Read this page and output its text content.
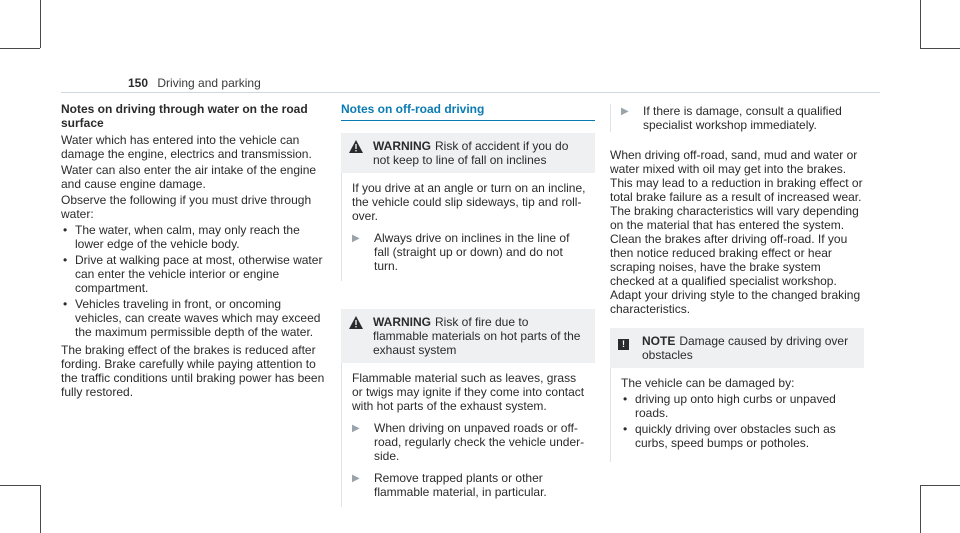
150 Driving and parking

Notes on driving through water on the road surface

Water which has entered into the vehicle can damage the engine, electrics and transmission.

Water can also enter the air intake of the engine and cause engine damage.

Observe the following if you must drive through water:

• The water, when calm, may only reach the lower edge of the vehicle body.
• Drive at walking pace at most, otherwise water can enter the vehicle interior or engine compartment.
• Vehicles traveling in front, or oncoming vehicles, can create waves which may exceed the maximum permissible depth of the water.

The braking effect of the brakes is reduced after fording. Brake carefully while paying attention to the traffic conditions until braking power has been fully restored.

Notes on off-road driving

WARNING Risk of accident if you do not keep to line of fall on inclines

If you drive at an angle or turn on an incline, the vehicle could slip sideways, tip and roll-over.

▶	Always drive on inclines in the line of fall (straight up or down) and do not turn.
WARNING Risk of fire due to flammable materials on hot parts of the exhaust system

Flammable material such as leaves, grass or twigs may ignite if they come into contact with hot parts of the exhaust system.

▶	When driving on unpaved roads or off-road, regularly check the vehicle under-side.
▶	Remove trapped plants or other flammable material, in particular.
▶	If there is damage, consult a qualified specialist workshop immediately.

When driving off-road, sand, mud and water or water mixed with oil may get into the brakes. This may lead to a reduction in braking effect or total brake failure as a result of increased wear. The braking characteristics will vary depending on the material that has entered the system. Clean the brakes after driving off-road. If you then notice reduced braking effect or hear scraping noises, have the brake system checked at a qualified specialist workshop. Adapt your driving style to the changed braking characteristics.

!	NOTE Damage caused by driving over obstacles

The vehicle can be damaged by:

• driving up onto high curbs or unpaved roads.
• quickly driving over obstacles such as curbs, speed bumps or potholes.
